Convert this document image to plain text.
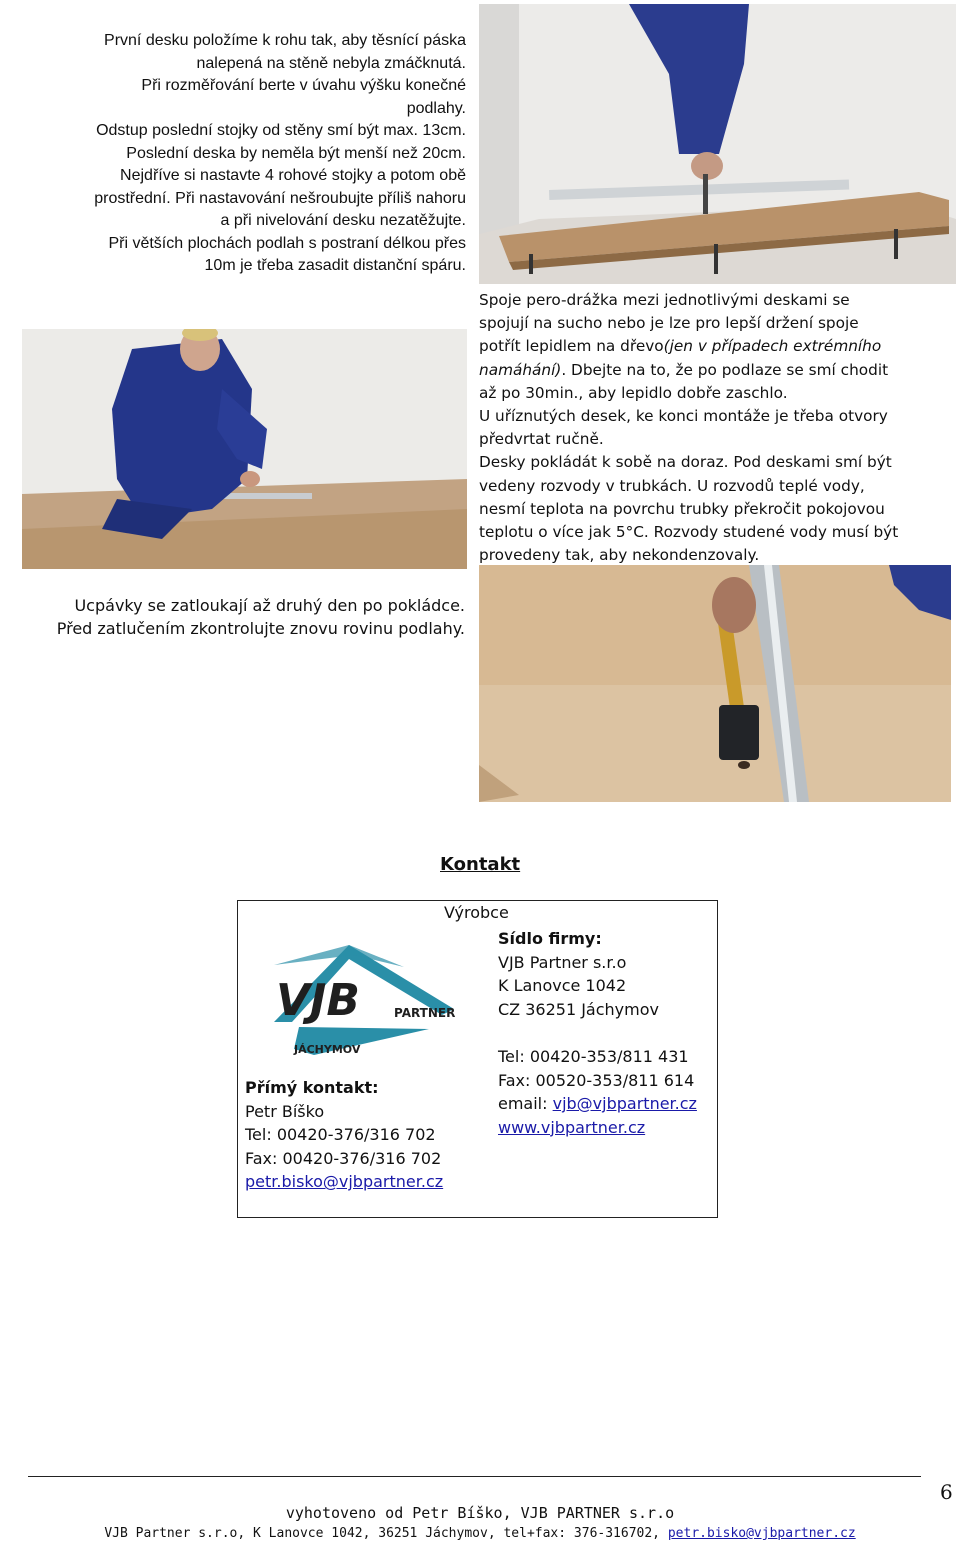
První desku položíme k rohu tak, aby těsnící páska
nalepená na stěně nebyla zmáčknutá.
Při rozměřování berte v úvahu výšku konečné
podlahy.
Odstup poslední stojky od stěny smí být max. 13cm.
Poslední deska by neměla být menší než 20cm.
Nejdříve si nastavte 4 rohové stojky a potom obě
prostřední. Při nastavování nešroubujte příliš nahoru
a při nivelování desku nezatěžujte.
Při větších plochách podlah s postraní délkou přes
10m je třeba zasadit distanční spáru.
Spoje pero-drážka mezi jednotlivými deskami se
spojují na sucho nebo je lze pro lepší držení spoje
potřít lepidlem na dřevo(jen v případech extrémního
namáhání). Dbejte na to, že po podlaze se smí chodit
až po 30min., aby lepidlo dobře zaschlo.
U uříznutých desek, ke konci montáže je třeba otvory
předvrtat ručně.
Desky pokládát k sobě na doraz. Pod deskami smí být
vedeny rozvody v trubkách. U rozvodů teplé vody,
nesmí teplota na povrchu trubky překročit pokojovou
teplotu o více jak 5°C. Rozvody studené vody musí být
provedeny tak, aby nekondenzovaly.
Ucpávky se zatloukají až druhý den po pokládce.
Před zatlučením zkontrolujte znovu rovinu podlahy.
Kontakt
Výrobce
Sídlo firmy:
VJB Partner s.r.o
K Lanovce 1042
CZ 36251 Jáchymov
Tel: 00420-353/811 431
Fax: 00520-353/811 614
email: vjb@vjbpartner.cz
www.vjbpartner.cz
VJB	PARTNER
JÁCHYMOV
Přímý kontakt:
Petr Bíško
Tel: 00420-376/316 702
Fax: 00420-376/316 702
petr.bisko@vjbpartner.cz
6
vyhotoveno od Petr Bíško, VJB PARTNER s.r.o
VJB Partner s.r.o, K Lanovce 1042, 36251 Jáchymov, tel+fax: 376-316702, petr.bisko@vjbpartner.cz
